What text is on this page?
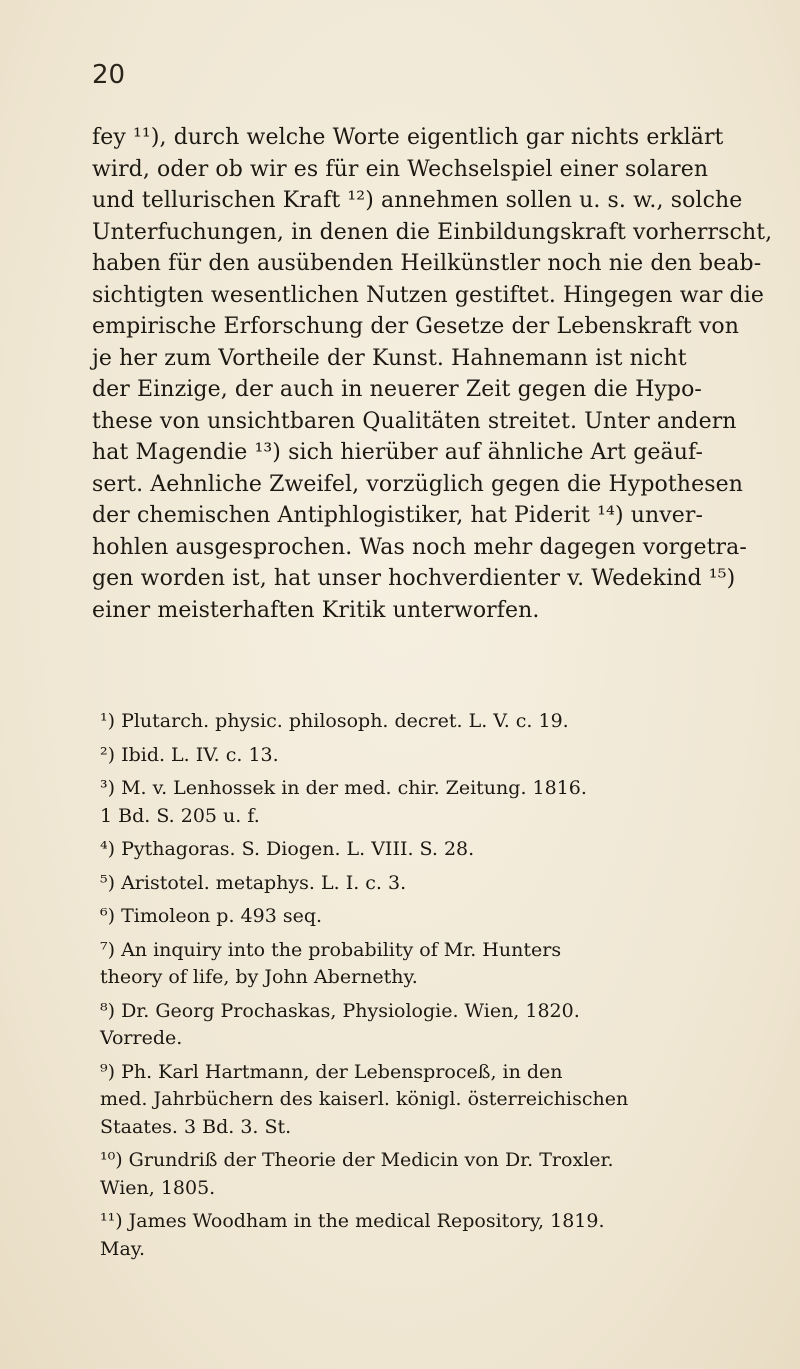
20
fey ¹¹), durch welche Worte eigentlich gar nichts erklärt
wird, oder ob wir es für ein Wechselspiel einer solaren
und tellurischen Kraft ¹²) annehmen sollen u. s. w., solche
Unterfuchungen, in denen die Einbildungskraft vorherrscht,
haben für den ausübenden Heilkünstler noch nie den beab-
sichtigten wesentlichen Nutzen gestiftet. Hingegen war die
empirische Erforschung der Gesetze der Lebenskraft von
je her zum Vortheile der Kunst. Hahnemann ist nicht
der Einzige, der auch in neuerer Zeit gegen die Hypo-
these von unsichtbaren Qualitäten streitet. Unter andern
hat Magendie ¹³) sich hierüber auf ähnliche Art geäuf-
sert. Aehnliche Zweifel, vorzüglich gegen die Hypothesen
der chemischen Antiphlogistiker, hat Piderit ¹⁴) unver-
hohlen ausgesprochen. Was noch mehr dagegen vorgetra-
gen worden ist, hat unser hochverdienter v. Wedekind ¹⁵)
einer meisterhaften Kritik unterworfen.
¹) Plutarch. physic. philosoph. decret. L. V. c. 19.
²) Ibid. L. IV. c. 13.
³) M. v. Lenhossek in der med. chir. Zeitung. 1816.
1 Bd. S. 205 u. f.
⁴) Pythagoras. S. Diogen. L. VIII. S. 28.
⁵) Aristotel. metaphys. L. I. c. 3.
⁶) Timoleon p. 493 seq.
⁷) An inquiry into the probability of Mr. Hunters
theory of life, by John Abernethy.
⁸) Dr. Georg Prochaskas, Physiologie. Wien, 1820.
Vorrede.
⁹) Ph. Karl Hartmann, der Lebensproceß, in den
med. Jahrbüchern des kaiserl. königl. österreichischen
Staates. 3 Bd. 3. St.
¹⁰) Grundriß der Theorie der Medicin von Dr. Troxler.
Wien, 1805.
¹¹) James Woodham in the medical Repository, 1819.
May.
